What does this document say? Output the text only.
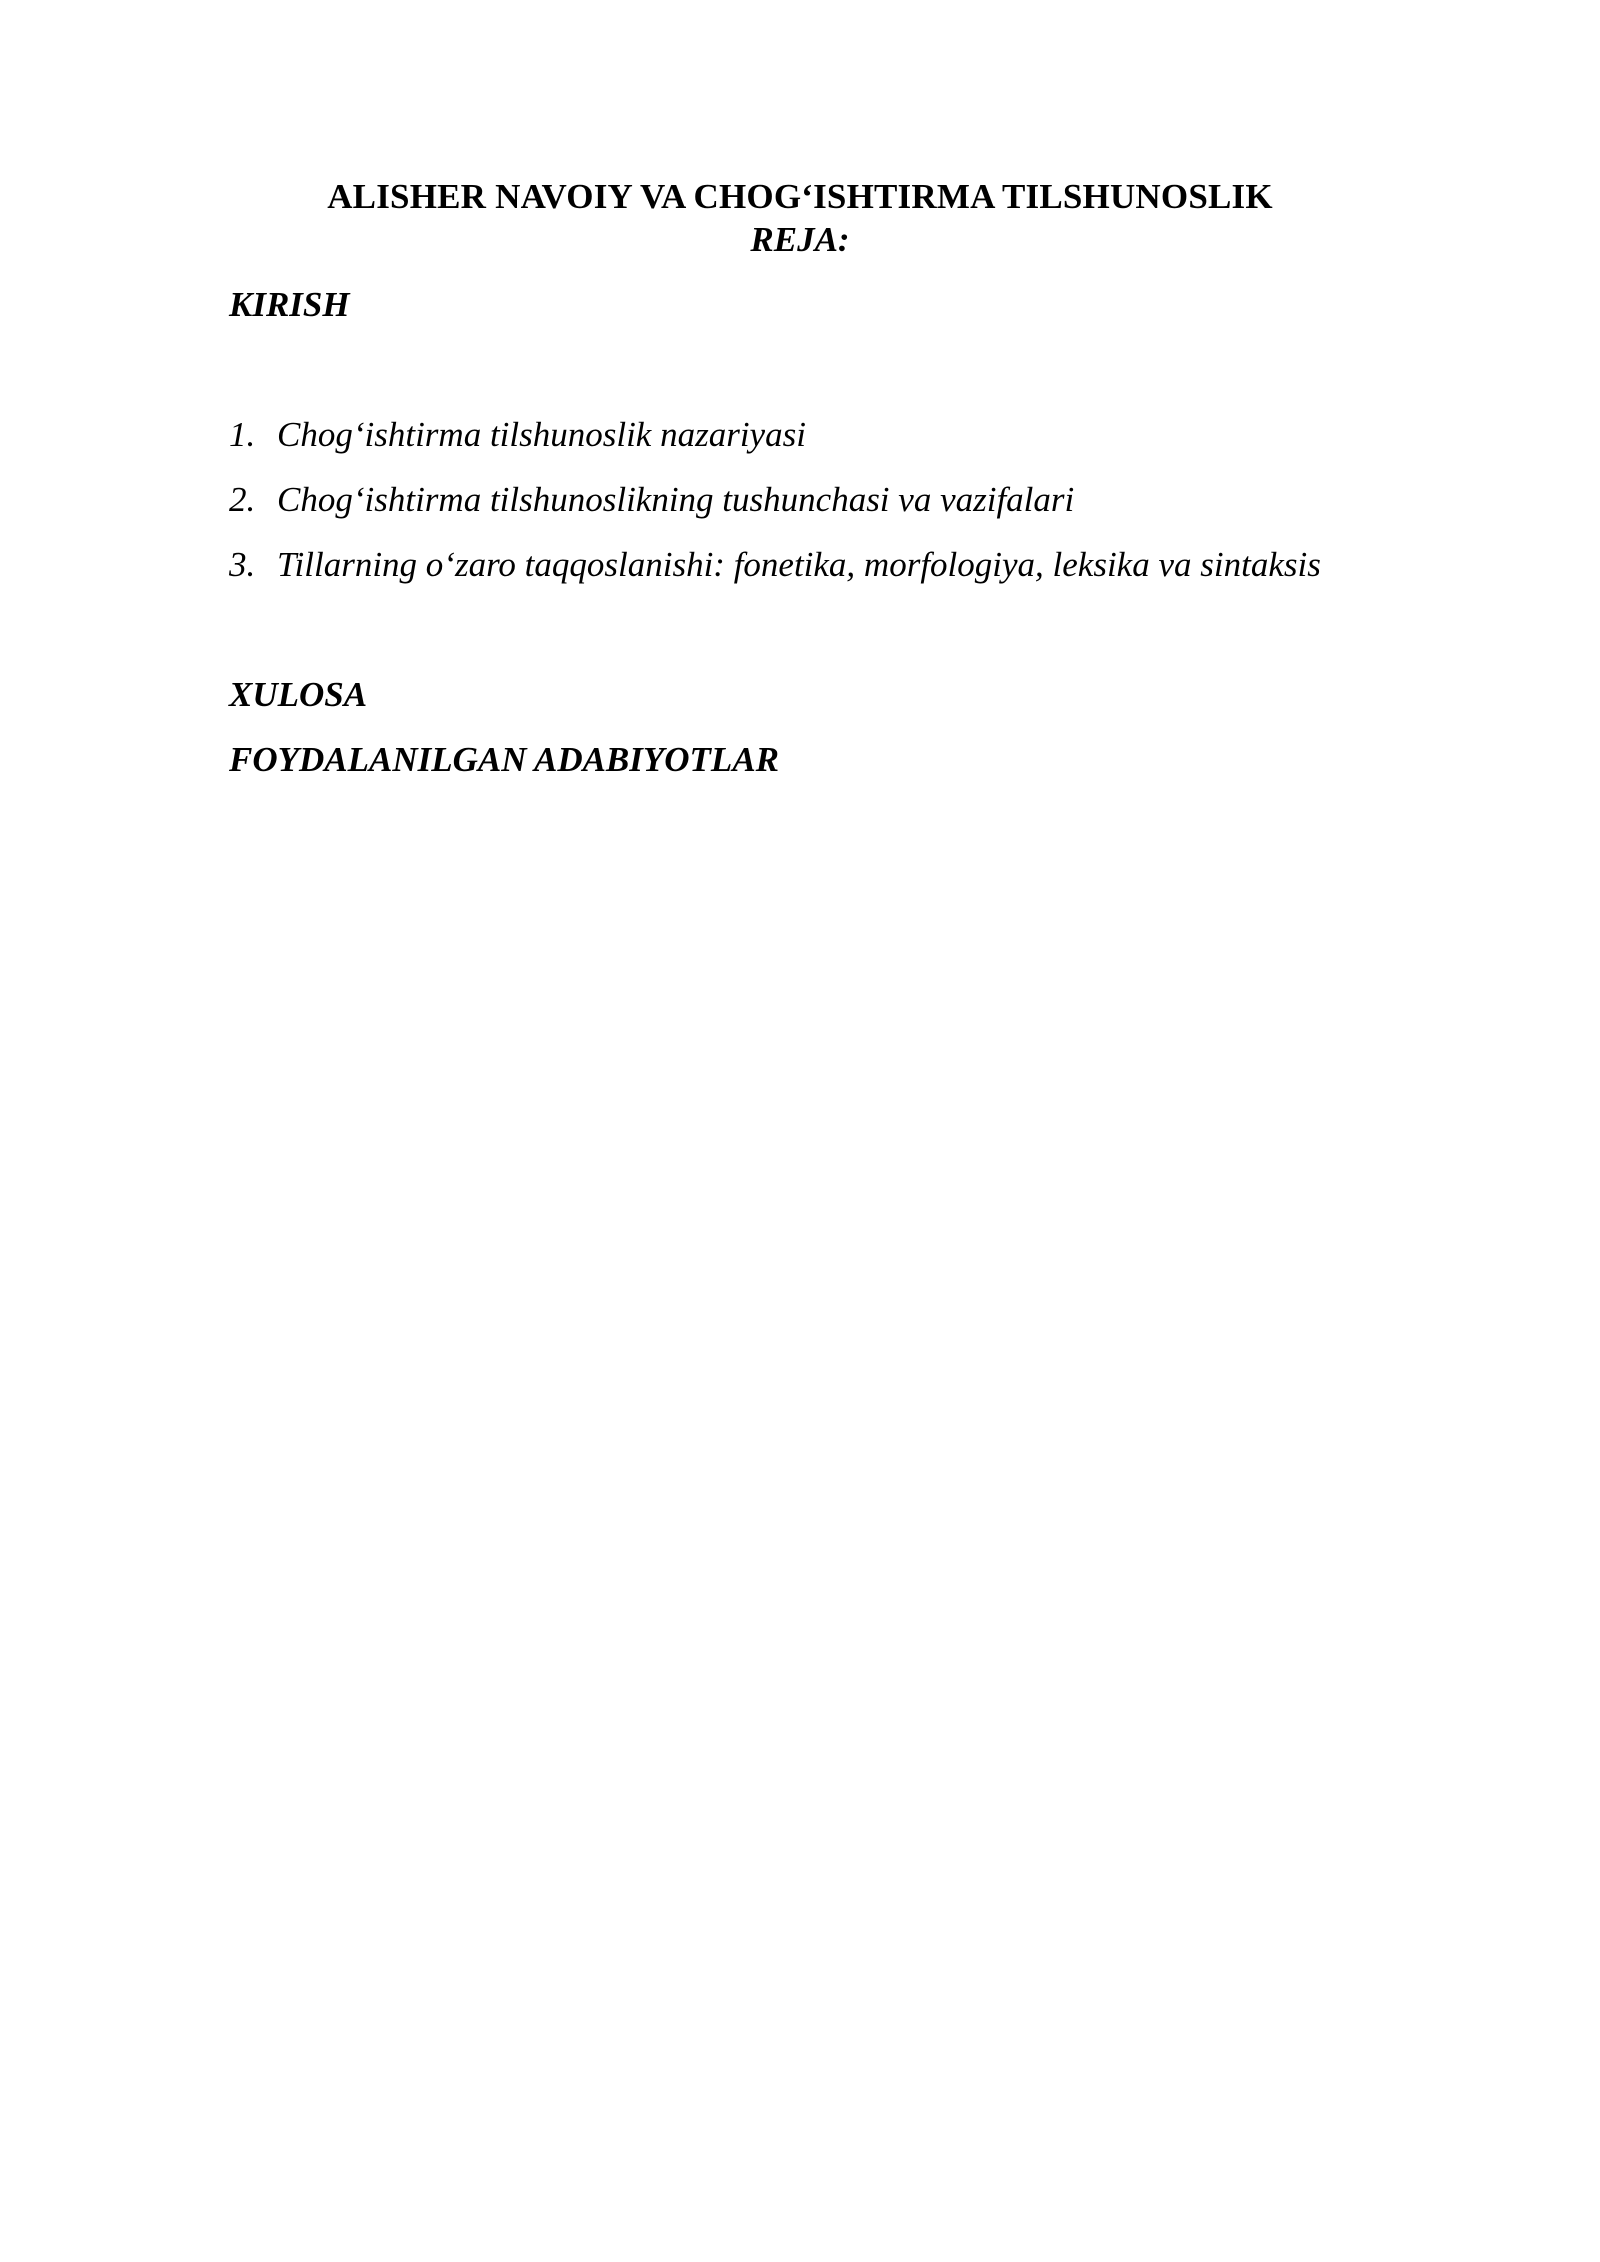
ALISHER NAVOIY VA CHOG‘ISHTIRMA TILSHUNOSLIK
REJA:
KIRISH
1. Chog‘ishtirma tilshunoslik nazariyasi
2. Chog‘ishtirma tilshunoslikning tushunchasi va vazifalari
3. Tillarning o‘zaro taqqoslanishi: fonetika, morfologiya, leksika va sintaksis
XULOSA
FOYDALANILGAN ADABIYOTLAR
